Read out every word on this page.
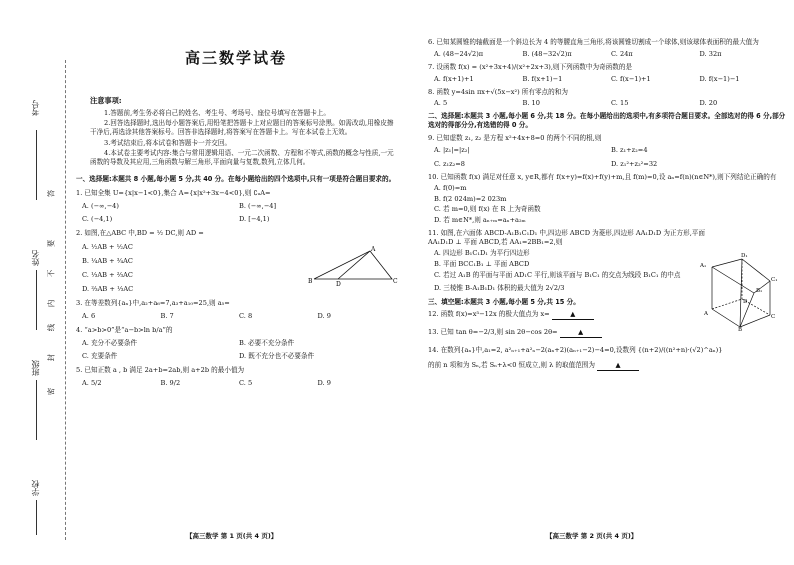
考号
姓名
班级
学校
答
要
不
内
线
封
密
高三数学试卷
注意事项:

1.答题前,考生务必将自己的姓名、考生号、考场号、座位号填写在答题卡上。

2.回答选择题时,选出每小题答案后,用铅笔把答题卡上对应题目的答案标号涂黑。如需改动,用橡皮擦干净后,再选涂其他答案标号。回答非选择题时,将答案写在答题卡上。写在本试卷上无效。

3.考试结束后,将本试卷和答题卡一并交回。

4.本试卷主要考试内容:集合与常用逻辑用语、一元二次函数、方程和不等式,函数的概念与性质,一元函数的导数及其应用,三角函数与解三角形,平面向量与复数,数列,立体几何。

一、选择题:本题共 8 小题,每小题 5 分,共 40 分。在每小题给出的四个选项中,只有一项是符合题目要求的。
1. 已知全集 U={x|x−1<0},集合 A={x|x²+3x−4<0},则 ∁ᵤA=
A. (−∞,−4)	B. (−∞,−4]
C. (−4,1)	D. [−4,1)
2. 如图,在△ABC 中,BD = ½ DC,则 AD =
A. ½AB + ½AC
B. ¼AB + ¾AC
C. ⅓AB + ⅔AC
D. ⅔AB + ⅓AC
A
B	D	C
3. 在等差数列{aₙ}中,a₂+a₆=7,a₃+a₁₀=25,则 a₅=
A. 6	B. 7	C. 8	D. 9
4. “a>b>0”是“a−b>ln b/a”的
A. 充分不必要条件	B. 必要不充分条件
C. 充要条件	D. 既不充分也不必要条件
5. 已知正数 a , b 满足 2a+b=2ab,则 a+2b 的最小值为
A. 5/2	B. 9/2	C. 5	D. 9
6. 已知某圆锥的轴截面是一个斜边长为 4 的等腰直角三角形,将该圆锥切割成一个球体,则该球体表面积的最大值为
A. (48−24√2)π	B. (48−32√2)π	C. 24π	D. 32π
7. 设函数 f(x) = (x²+3x+4)/(x²+2x+3),则下列函数中为奇函数的是
A. f(x+1)+1	B. f(x+1)−1	C. f(x−1)+1	D. f(x−1)−1
8. 函数 y=4sin πx+√(5x−x²) 所有零点的和为
A. 5	B. 10	C. 15	D. 20
二、选择题:本题共 3 小题,每小题 6 分,共 18 分。在每小题给出的选项中,有多项符合题目要求。全部选对的得 6 分,部分选对的得部分分,有选错的得 0 分。
9. 已知虚数 z₁, z₂ 是方程 x²+4x+8=0 的两个不同的根,则
A. |z₁|=|z₂|	B. z₁+z₂=4
C. z₁z₂=8	D. z₁²+z₂²=32
10. 已知函数 f(x) 满足对任意 x, y∈R,都有 f(x+y)=f(x)+f(y)+m,且 f(m)=0,设 aₙ=f(n)(n∈N*),则下列结论正确的有
A. f(0)=m
B. f(2 024m)=2 023m
C. 若 m=0,则 f(x) 在 R 上为奇函数
D. 若 m∈N*,则 aₙ₊ₘ=aₙ+a₂ₘ
11. 如图,在六面体 ABCD-A₁B₁C₁D₁ 中,四边形 ABCD 为菱形,四边形 AA₁D₁D 为正方形,平面 AA₁D₁D ⊥ 平面 ABCD,若 AA₁=2BB₁=2,则
A. 四边形 B₁C₁D₁ 为平行四边形
B. 平面 BCC₁B₁ ⊥ 平面 ABCD
C. 若过 A₁B 的平面与平面 AD₁C 平行,则该平面与 B₁C₁ 的交点为线段 B₁C₁ 的中点
D. 三棱锥 B-A₁B₁D₁ 体积的最大值为 2√2/3
A₁
D₁
C₁
B₁
D
C
A
B
三、填空题:本题共 3 小题,每小题 5 分,共 15 分。
12. 函数 f(x)=x³−12x 的极大值点为 x=	▲
13. 已知 tan θ=−2/3,则 sin 2θ−cos 2θ=	▲
14. 在数列{aₙ}中,a₁=2, a²ₙ₊₁+a²ₙ−2(aₙ+2)(aₙ₊₁−2)−4=0,设数列 {(n+2)/((n²+n)·(√2)^aₙ)}
的前 n 项和为 Sₙ,若 Sₙ+λ<0 恒成立,则 λ 的取值范围为	▲
【高三数学 第 1 页(共 4 页)】	【高三数学 第 2 页(共 4 页)】
